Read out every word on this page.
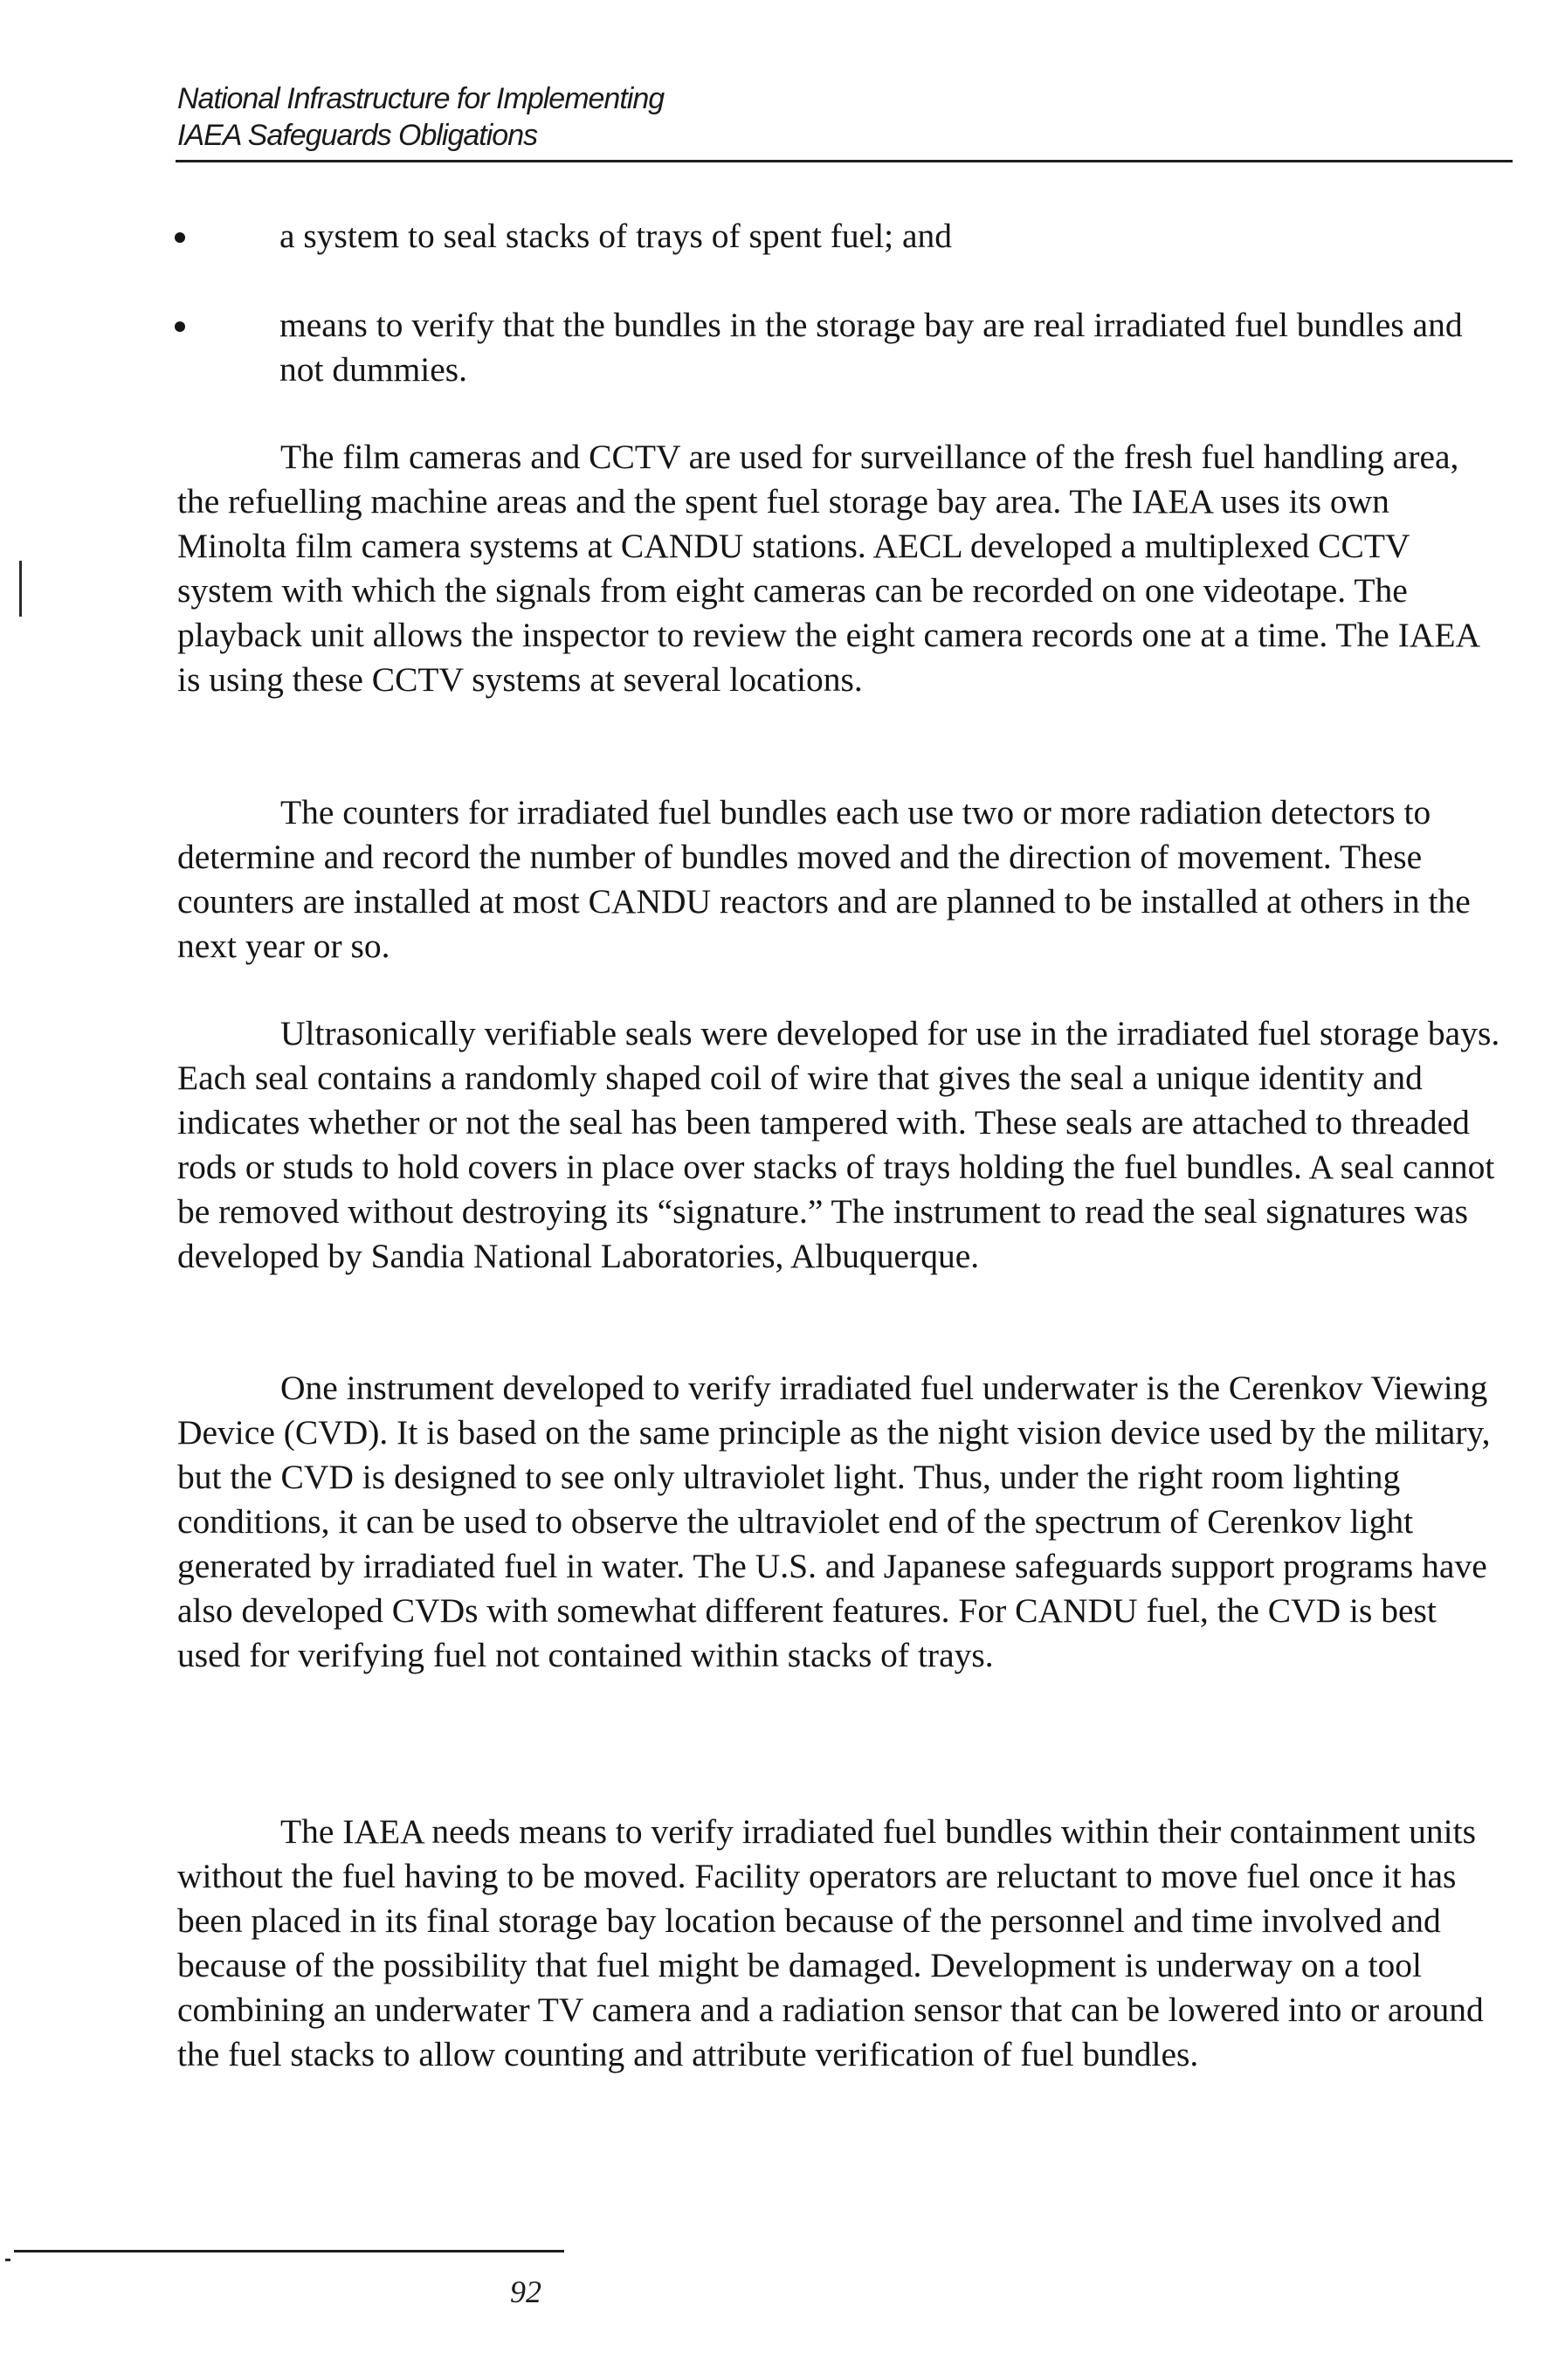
National Infrastructure for Implementing
IAEA Safeguards Obligations
a system to seal stacks of trays of spent fuel; and
means to verify that the bundles in the storage bay are real irradiated fuel bundles and not dummies.

The film cameras and CCTV are used for surveillance of the fresh fuel handling area, the refuelling machine areas and the spent fuel storage bay area. The IAEA uses its own Minolta film camera systems at CANDU stations. AECL developed a multiplexed CCTV system with which the signals from eight cameras can be recorded on one videotape. The playback unit allows the inspector to review the eight camera records one at a time. The IAEA is using these CCTV systems at several locations.

The counters for irradiated fuel bundles each use two or more radiation detectors to determine and record the number of bundles moved and the direction of movement. These counters are installed at most CANDU reactors and are planned to be installed at others in the next year or so.

Ultrasonically verifiable seals were developed for use in the irradiated fuel storage bays. Each seal contains a randomly shaped coil of wire that gives the seal a unique identity and indicates whether or not the seal has been tampered with. These seals are attached to threaded rods or studs to hold covers in place over stacks of trays holding the fuel bundles. A seal cannot be removed without destroying its “signature.” The instrument to read the seal signatures was developed by Sandia National Laboratories, Albuquerque.

One instrument developed to verify irradiated fuel underwater is the Cerenkov Viewing Device (CVD). It is based on the same principle as the night vision device used by the military, but the CVD is designed to see only ultraviolet light. Thus, under the right room lighting conditions, it can be used to observe the ultraviolet end of the spectrum of Cerenkov light generated by irradiated fuel in water. The U.S. and Japanese safeguards support programs have also developed CVDs with somewhat different features. For CANDU fuel, the CVD is best used for verifying fuel not contained within stacks of trays.

The IAEA needs means to verify irradiated fuel bundles within their containment units without the fuel having to be moved. Facility operators are reluctant to move fuel once it has been placed in its final storage bay location because of the personnel and time involved and because of the possibility that fuel might be damaged. Development is underway on a tool combining an underwater TV camera and a radiation sensor that can be lowered into or around the fuel stacks to allow counting and attribute verification of fuel bundles.

92
